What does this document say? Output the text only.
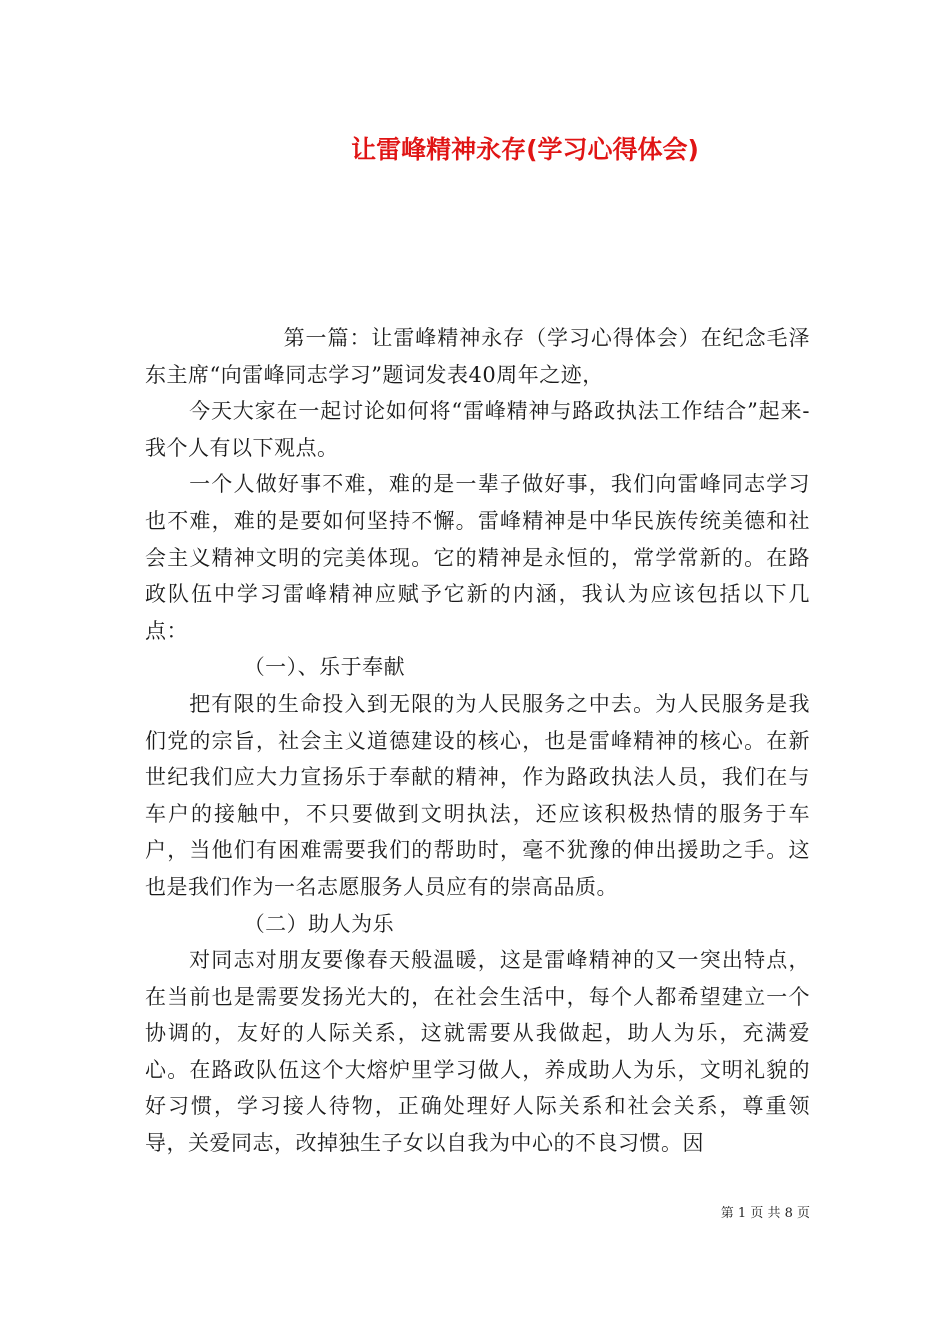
让雷峰精神永存(学习心得体会)

第一篇：让雷峰精神永存（学习心得体会）在纪念毛泽东主席“向雷峰同志学习”题词发表40周年之迹，

今天大家在一起讨论如何将“雷峰精神与路政执法工作结合”起来-我个人有以下观点。

一个人做好事不难，难的是一辈子做好事，我们向雷峰同志学习也不难，难的是要如何坚持不懈。雷峰精神是中华民族传统美德和社会主义精神文明的完美体现。它的精神是永恒的，常学常新的。在路政队伍中学习雷峰精神应赋予它新的内涵，我认为应该包括以下几点：

（一）、乐于奉献

把有限的生命投入到无限的为人民服务之中去。为人民服务是我们党的宗旨，社会主义道德建设的核心，也是雷峰精神的核心。在新世纪我们应大力宣扬乐于奉献的精神，作为路政执法人员，我们在与车户的接触中，不只要做到文明执法，还应该积极热情的服务于车户，当他们有困难需要我们的帮助时，毫不犹豫的伸出援助之手。这也是我们作为一名志愿服务人员应有的崇高品质。

（二）助人为乐

对同志对朋友要像春天般温暖，这是雷峰精神的又一突出特点，在当前也是需要发扬光大的，在社会生活中，每个人都希望建立一个协调的，友好的人际关系，这就需要从我做起，助人为乐，充满爱心。在路政队伍这个大熔炉里学习做人，养成助人为乐，文明礼貌的好习惯，学习接人待物，正确处理好人际关系和社会关系，尊重领导，关爱同志，改掉独生子女以自我为中心的不良习惯。因

第 1 页 共 8 页
